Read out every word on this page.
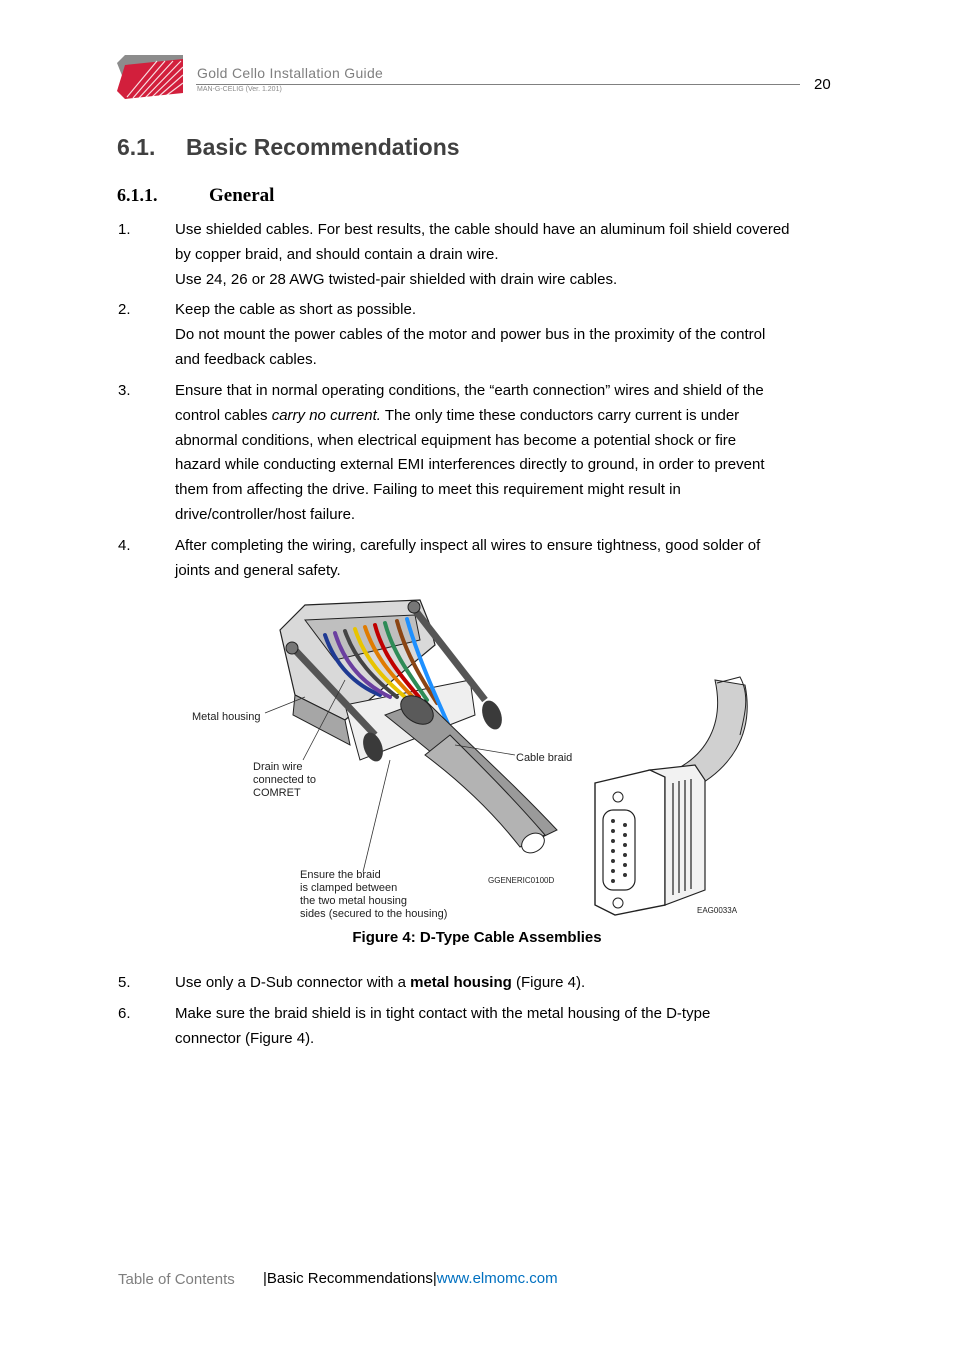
Gold Cello Installation Guide
MAN-G-CELIG (Ver. 1.201)	20
6.1. Basic Recommendations
6.1.1.	General
1.	Use shielded cables. For best results, the cable should have an aluminum foil shield covered
by copper braid, and should contain a drain wire.
Use 24, 26 or 28 AWG twisted-pair shielded with drain wire cables.
2.	Keep the cable as short as possible.
Do not mount the power cables of the motor and power bus in the proximity of the control
and feedback cables.
3.	Ensure that in normal operating conditions, the “earth connection” wires and shield of the
control cables carry no current. The only time these conductors carry current is under
abnormal conditions, when electrical equipment has become a potential shock or fire
hazard while conducting external EMI interferences directly to ground, in order to prevent
them from affecting the drive. Failing to meet this requirement might result in
drive/controller/host failure.
4.	After completing the wiring, carefully inspect all wires to ensure tightness, good solder of
joints and general safety.
Metal housing
Drain wire
connected to
COMRET
Cable braid
Ensure the braid
is clamped between
the two metal housing
sides (secured to the housing)
GGENERIC0100D
EAG0033A
Figure 4: D-Type Cable Assemblies
5.	Use only a D-Sub connector with a metal housing (Figure 4).
6.	Make sure the braid shield is in tight contact with the metal housing of the D-type
connector (Figure 4).
Table of Contents |Basic Recommendations|www.elmomc.com
